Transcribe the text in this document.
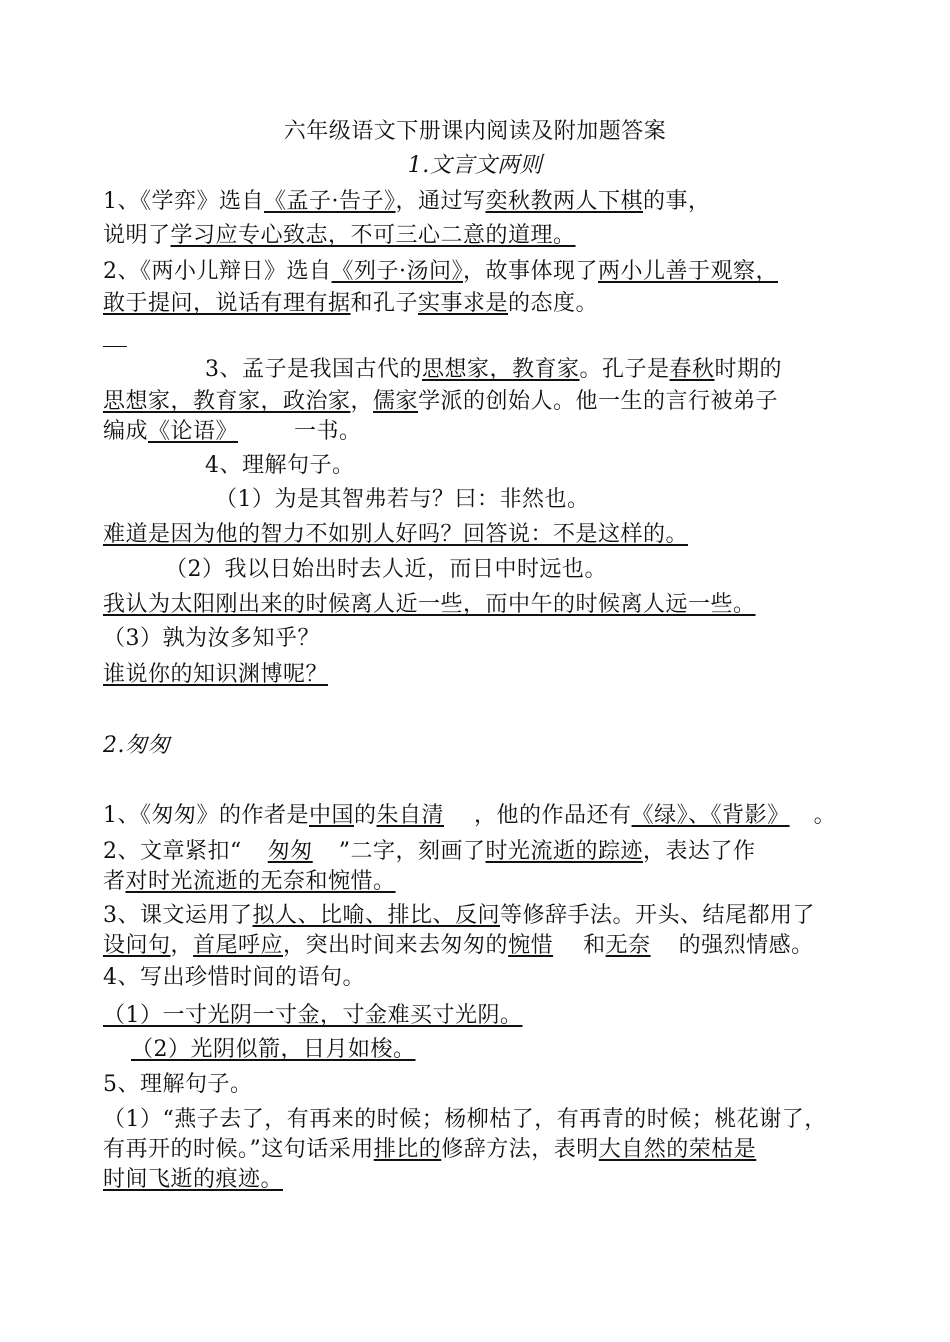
六年级语文下册课内阅读及附加题答案
1.文言文两则
1、《学弈》选自《孟子·告子》，通过写奕秋教两人下棋的事，
说明了学习应专心致志，不可三心二意的道理。
2、《两小儿辩日》选自《列子·汤问》，故事体现了两小儿善于观察，
敢于提问，说话有理有据和孔子实事求是的态度。
3、孟子是我国古代的思想家，教育家。孔子是春秋时期的
思想家，教育家，政治家，儒家学派的创始人。他一生的言行被弟子
编成《论语》	一书。
4、理解句子。
（1）为是其智弗若与？曰：非然也。
难道是因为他的智力不如别人好吗？回答说：不是这样的。
（2）我以日始出时去人近，而日中时远也。
我认为太阳刚出来的时候离人近一些，而中午的时候离人远一些。
（3）孰为汝多知乎？
谁说你的知识渊博呢？
2.匆匆
1、《匆匆》的作者是中国的朱自清 ，他的作品还有《绿》、《背影》 。
2、文章紧扣“ 匆匆 ”二字，刻画了时光流逝的踪迹，表达了作
者对时光流逝的无奈和惋惜。
3、课文运用了拟人、比喻、排比、反问等修辞手法。开头、结尾都用了
设问句，首尾呼应，突出时间来去匆匆的惋惜 和无奈 的强烈情感。
4、写出珍惜时间的语句。
（1）一寸光阴一寸金，寸金难买寸光阴。
（2）光阴似箭，日月如梭。
5、理解句子。
（1）“燕子去了，有再来的时候；杨柳枯了，有再青的时候；桃花谢了，
有再开的时候。”这句话采用排比的修辞方法，表明大自然的荣枯是
时间飞逝的痕迹。
